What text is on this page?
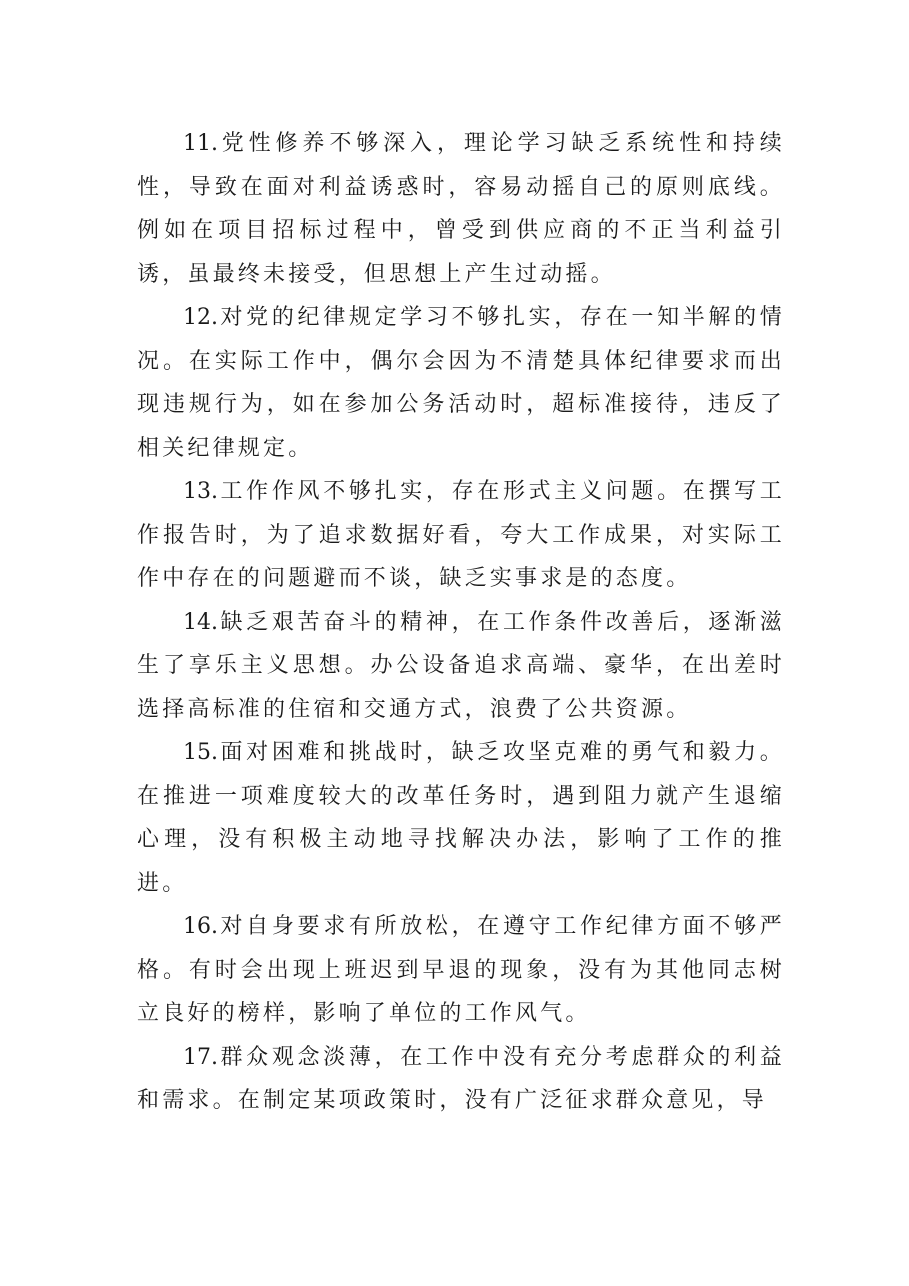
11.党性修养不够深入，理论学习缺乏系统性和持续性，导致在面对利益诱惑时，容易动摇自己的原则底线。例如在项目招标过程中，曾受到供应商的不正当利益引诱，虽最终未接受，但思想上产生过动摇。

12.对党的纪律规定学习不够扎实，存在一知半解的情况。在实际工作中，偶尔会因为不清楚具体纪律要求而出现违规行为，如在参加公务活动时，超标准接待，违反了相关纪律规定。

13.工作作风不够扎实，存在形式主义问题。在撰写工作报告时，为了追求数据好看，夸大工作成果，对实际工作中存在的问题避而不谈，缺乏实事求是的态度。

14.缺乏艰苦奋斗的精神，在工作条件改善后，逐渐滋生了享乐主义思想。办公设备追求高端、豪华，在出差时选择高标准的住宿和交通方式，浪费了公共资源。

15.面对困难和挑战时，缺乏攻坚克难的勇气和毅力。在推进一项难度较大的改革任务时，遇到阻力就产生退缩心理，没有积极主动地寻找解决办法，影响了工作的推进。

16.对自身要求有所放松，在遵守工作纪律方面不够严格。有时会出现上班迟到早退的现象，没有为其他同志树立良好的榜样，影响了单位的工作风气。

17.群众观念淡薄，在工作中没有充分考虑群众的利益和需求。在制定某项政策时，没有广泛征求群众意见，导
